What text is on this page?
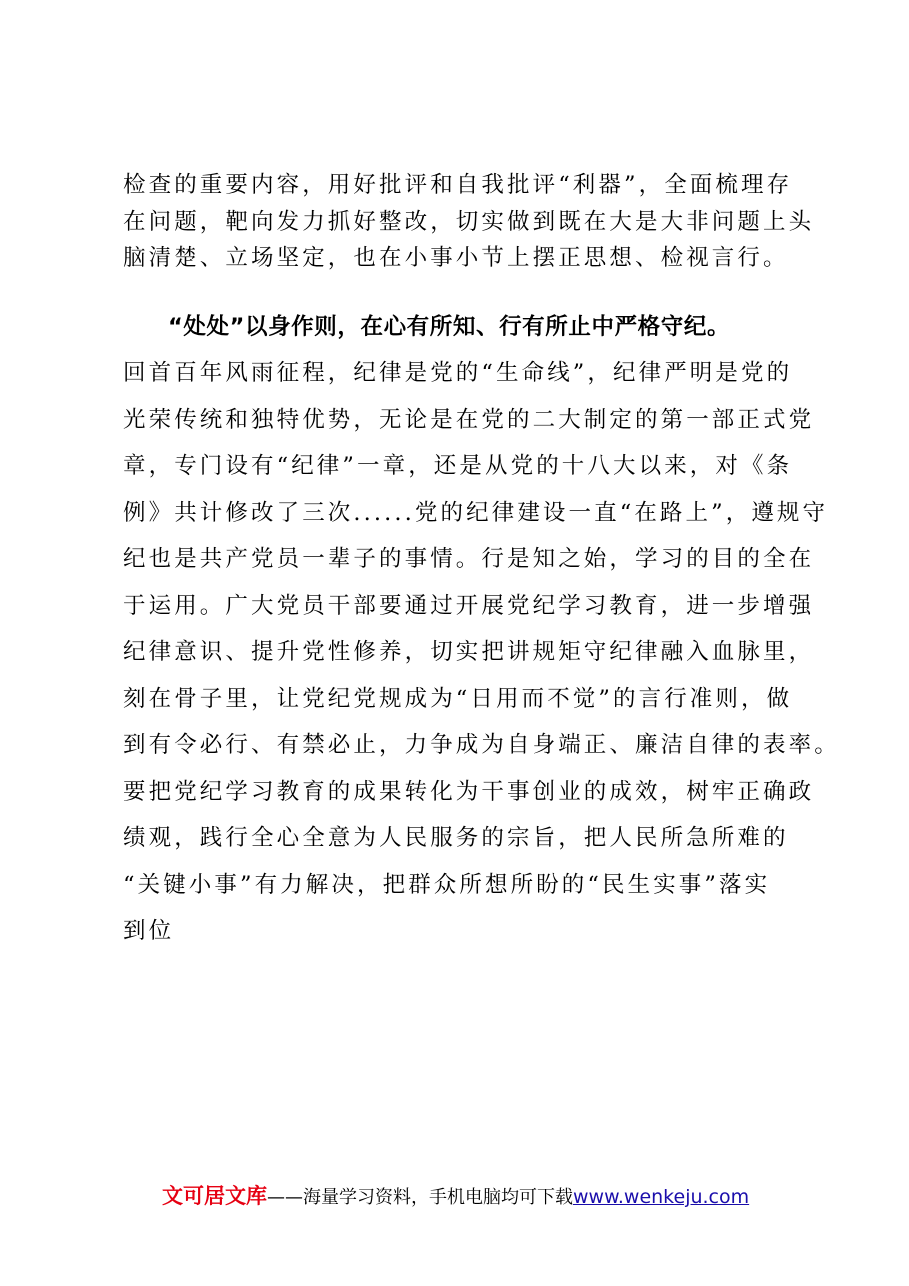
检查的重要内容，用好批评和自我批评“利器”，全面梳理存
在问题，靶向发力抓好整改，切实做到既在大是大非问题上头
脑清楚、立场坚定，也在小事小节上摆正思想、检视言行。
“处处”以身作则，在心有所知、行有所止中严格守纪。
回首百年风雨征程，纪律是党的“生命线”，纪律严明是党的
光荣传统和独特优势，无论是在党的二大制定的第一部正式党
章，专门设有“纪律”一章，还是从党的十八大以来，对《条
例》共计修改了三次......党的纪律建设一直“在路上”，遵规守
纪也是共产党员一辈子的事情。行是知之始，学习的目的全在
于运用。广大党员干部要通过开展党纪学习教育，进一步增强
纪律意识、提升党性修养，切实把讲规矩守纪律融入血脉里，
刻在骨子里，让党纪党规成为“日用而不觉”的言行准则，做
到有令必行、有禁必止，力争成为自身端正、廉洁自律的表率。
要把党纪学习教育的成果转化为干事创业的成效，树牢正确政
绩观，践行全心全意为人民服务的宗旨，把人民所急所难的
“关键小事”有力解决，把群众所想所盼的“民生实事”落实
到位
文可居文库——海量学习资料，手机电脑均可下载www.wenkeju.com
